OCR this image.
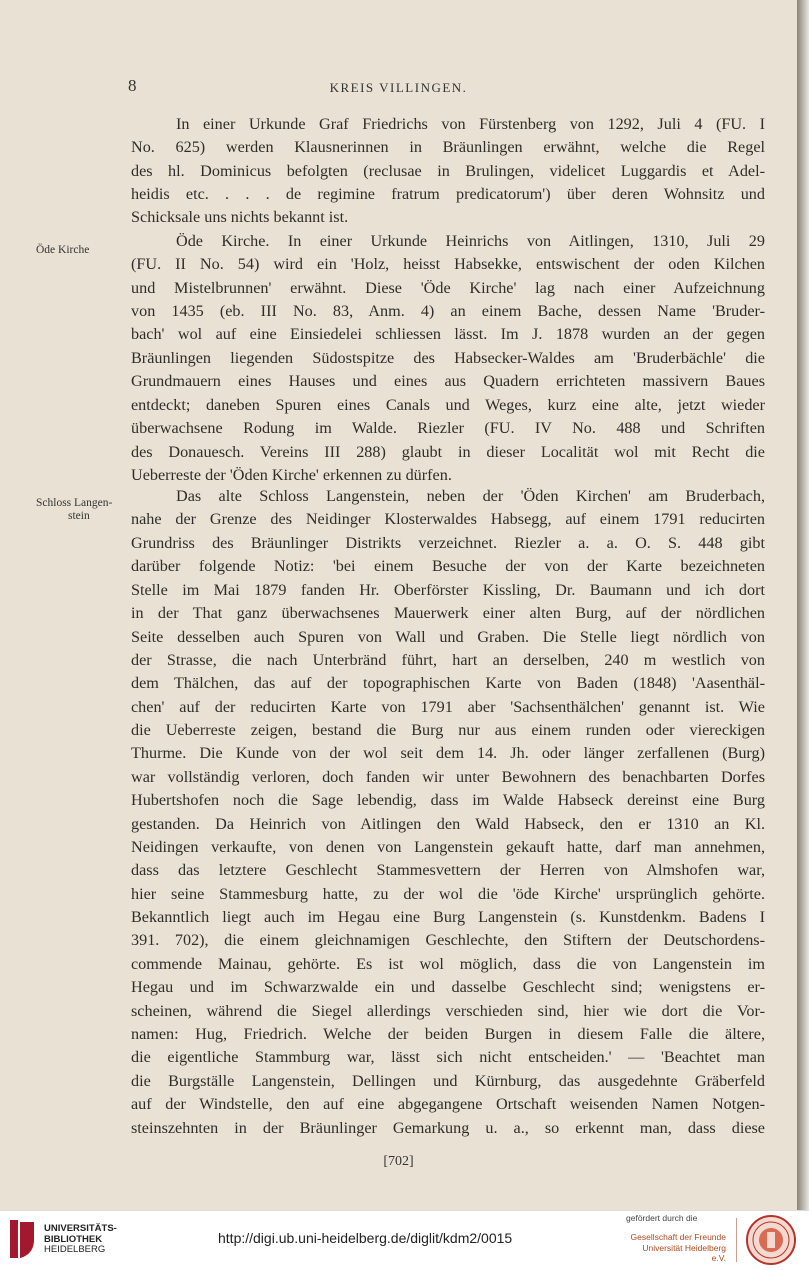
8	KREIS VILLINGEN.
Öde Kirche
Schloss Langen-
stein
In einer Urkunde Graf Friedrichs von Fürstenberg von 1292, Juli 4 (FU. I
No. 625) werden Klausnerinnen in Bräunlingen erwähnt, welche die Regel
des hl. Dominicus befolgten (reclusae in Brulingen, videlicet Luggardis et Adel-
heidis etc. . . . de regimine fratrum predicatorum') über deren Wohnsitz und
Schicksale uns nichts bekannt ist.
Öde Kirche. In einer Urkunde Heinrichs von Aitlingen, 1310, Juli 29
(FU. II No. 54) wird ein 'Holz, heisst Habsekke, entswischent der oden Kilchen
und Mistelbrunnen' erwähnt. Diese 'Öde Kirche' lag nach einer Aufzeichnung
von 1435 (eb. III No. 83, Anm. 4) an einem Bache, dessen Name 'Bruder-
bach' wol auf eine Einsiedelei schliessen lässt. Im J. 1878 wurden an der gegen
Bräunlingen liegenden Südostspitze des Habsecker-Waldes am 'Bruderbächle' die
Grundmauern eines Hauses und eines aus Quadern errichteten massivern Baues
entdeckt; daneben Spuren eines Canals und Weges, kurz eine alte, jetzt wieder
überwachsene Rodung im Walde. Riezler (FU. IV No. 488 und Schriften
des Donauesch. Vereins III 288) glaubt in dieser Localität wol mit Recht die
Ueberreste der 'Öden Kirche' erkennen zu dürfen.
Das alte Schloss Langenstein, neben der 'Öden Kirchen' am Bruderbach,
nahe der Grenze des Neidinger Klosterwaldes Habsegg, auf einem 1791 reducirten
Grundriss des Bräunlinger Distrikts verzeichnet. Riezler a. a. O. S. 448 gibt
darüber folgende Notiz: 'bei einem Besuche der von der Karte bezeichneten
Stelle im Mai 1879 fanden Hr. Oberförster Kissling, Dr. Baumann und ich dort
in der That ganz überwachsenes Mauerwerk einer alten Burg, auf der nördlichen
Seite desselben auch Spuren von Wall und Graben. Die Stelle liegt nördlich von
der Strasse, die nach Unterbränd führt, hart an derselben, 240 m westlich von
dem Thälchen, das auf der topographischen Karte von Baden (1848) 'Aasenthäl-
chen' auf der reducirten Karte von 1791 aber 'Sachsenthälchen' genannt ist. Wie
die Ueberreste zeigen, bestand die Burg nur aus einem runden oder viereckigen
Thurme. Die Kunde von der wol seit dem 14. Jh. oder länger zerfallenen (Burg)
war vollständig verloren, doch fanden wir unter Bewohnern des benachbarten Dorfes
Hubertshofen noch die Sage lebendig, dass im Walde Habseck dereinst eine Burg
gestanden. Da Heinrich von Aitlingen den Wald Habseck, den er 1310 an Kl.
Neidingen verkaufte, von denen von Langenstein gekauft hatte, darf man annehmen,
dass das letztere Geschlecht Stammesvettern der Herren von Almshofen war,
hier seine Stammesburg hatte, zu der wol die 'öde Kirche' ursprünglich gehörte.
Bekanntlich liegt auch im Hegau eine Burg Langenstein (s. Kunstdenkm. Badens I
391. 702), die einem gleichnamigen Geschlechte, den Stiftern der Deutschordens-
commende Mainau, gehörte. Es ist wol möglich, dass die von Langenstein im
Hegau und im Schwarzwalde ein und dasselbe Geschlecht sind; wenigstens er-
scheinen, während die Siegel allerdings verschieden sind, hier wie dort die Vor-
namen: Hug, Friedrich. Welche der beiden Burgen in diesem Falle die ältere,
die eigentliche Stammburg war, lässt sich nicht entscheiden.' — 'Beachtet man
die Burgställe Langenstein, Dellingen und Kürnburg, das ausgedehnte Gräberfeld
auf der Windstelle, den auf eine abgegangene Ortschaft weisenden Namen Notgen-
steinszehnten in der Bräunlinger Gemarkung u. a., so erkennt man, dass diese
[702]
UNIVERSITÄTS-
BIBLIOTHEK
HEIDELBERG
http://digi.ub.uni-heidelberg.de/diglit/kdm2/0015
gefördert durch die
Gesellschaft der Freunde
Universität Heidelberg e.V.
